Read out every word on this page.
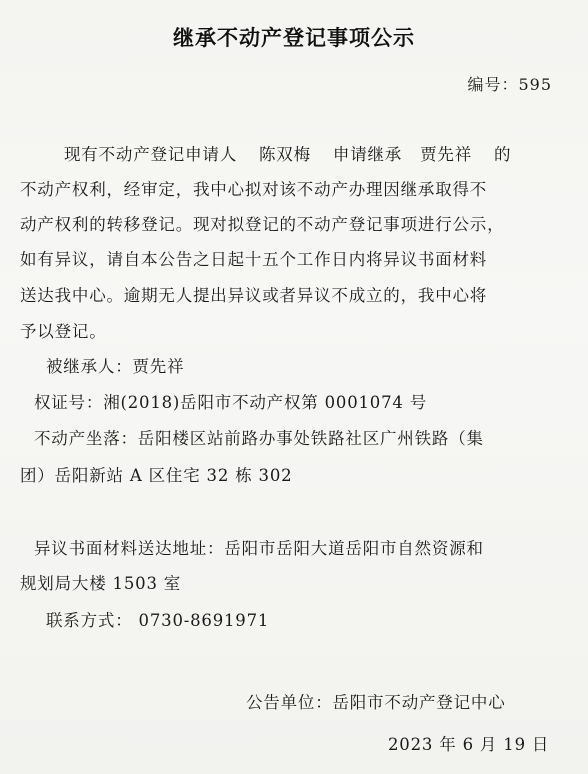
继承不动产登记事项公示
编号：595
现有不动产登记申请人 陈双梅 申请继承 贾先祥 的
不动产权利，经审定，我中心拟对该不动产办理因继承取得不
动产权利的转移登记。现对拟登记的不动产登记事项进行公示，
如有异议，请自本公告之日起十五个工作日内将异议书面材料
送达我中心。逾期无人提出异议或者异议不成立的，我中心将
予以登记。
被继承人：贾先祥
权证号：湘(2018)岳阳市不动产权第 0001074 号
不动产坐落：岳阳楼区站前路办事处铁路社区广州铁路（集
团）岳阳新站 A 区住宅 32 栋 302
异议书面材料送达地址：岳阳市岳阳大道岳阳市自然资源和
规划局大楼 1503 室
联系方式： 0730-8691971
公告单位：岳阳市不动产登记中心
2023 年 6 月 19 日
